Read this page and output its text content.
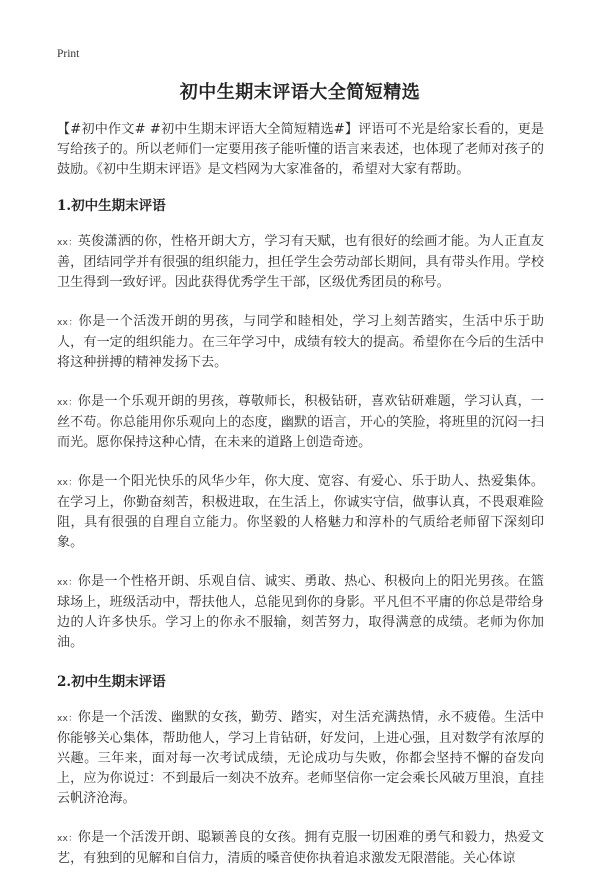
Print
初中生期末评语大全简短精选

【#初中作文# #初中生期末评语大全简短精选#】评语可不光是给家长看的，更是写给孩子的。所以老师们一定要用孩子能听懂的语言来表述，也体现了老师对孩子的鼓励。《初中生期末评语》是文档网为大家准备的，希望对大家有帮助。

1.初中生期末评语

xx：英俊潇洒的你，性格开朗大方，学习有天赋，也有很好的绘画才能。为人正直友善，团结同学并有很强的组织能力，担任学生会劳动部长期间，具有带头作用。学校卫生得到一致好评。因此获得优秀学生干部，区级优秀团员的称号。

xx：你是一个活泼开朗的男孩，与同学和睦相处，学习上刻苦踏实，生活中乐于助人，有一定的组织能力。在三年学习中，成绩有较大的提高。希望你在今后的生活中将这种拼搏的精神发扬下去。

xx：你是一个乐观开朗的男孩，尊敬师长，积极钻研，喜欢钻研难题，学习认真，一丝不苟。你总能用你乐观向上的态度，幽默的语言，开心的笑脸，将班里的沉闷一扫而光。愿你保持这种心情，在未来的道路上创造奇迹。

xx：你是一个阳光快乐的风华少年，你大度、宽容、有爱心、乐于助人、热爱集体。在学习上，你勤奋刻苦，积极进取，在生活上，你诚实守信，做事认真，不畏艰难险阻，具有很强的自理自立能力。你坚毅的人格魅力和淳朴的气质给老师留下深刻印象。

xx：你是一个性格开朗、乐观自信、诚实、勇敢、热心、积极向上的阳光男孩。在篮球场上，班级活动中，帮扶他人，总能见到你的身影。平凡但不平庸的你总是带给身边的人许多快乐。学习上的你永不服输，刻苦努力，取得满意的成绩。老师为你加油。

2.初中生期末评语

xx：你是一个活泼、幽默的女孩，勤劳、踏实，对生活充满热情，永不疲倦。生活中你能够关心集体，帮助他人，学习上肯钻研，好发问，上进心强，且对数学有浓厚的兴趣。三年来，面对每一次考试成绩，无论成功与失败，你都会坚持不懈的奋发向上，应为你说过：不到最后一刻决不放弃。老师坚信你一定会乘长风破万里浪，直挂云帆济沧海。

xx：你是一个活泼开朗、聪颖善良的女孩。拥有克服一切困难的勇气和毅力，热爱文艺，有独到的见解和自信力，清质的嗓音使你执着追求激发无限潜能。关心体谅
